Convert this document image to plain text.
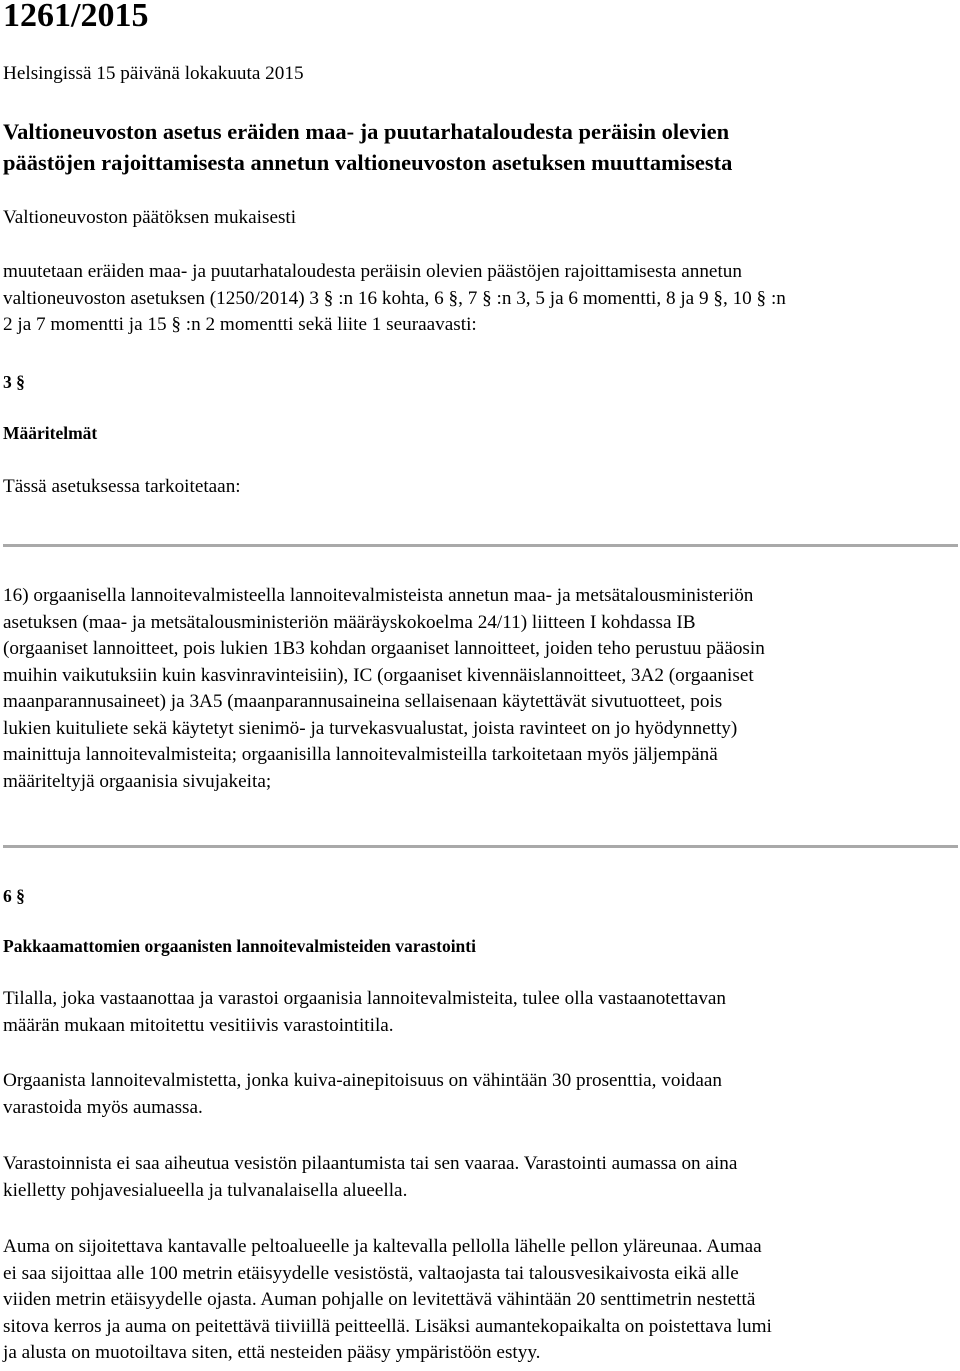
1261/2015
Helsingissä 15 päivänä lokakuuta 2015
Valtioneuvoston asetus eräiden maa- ja puutarhataloudesta peräisin olevien
päästöjen rajoittamisesta annetun valtioneuvoston asetuksen muuttamisesta
Valtioneuvoston päätöksen mukaisesti
muutetaan eräiden maa- ja puutarhataloudesta peräisin olevien päästöjen rajoittamisesta annetun
valtioneuvoston asetuksen (1250/2014) 3 § :n 16 kohta, 6 §, 7 § :n 3, 5 ja 6 momentti, 8 ja 9 §, 10 § :n
2 ja 7 momentti ja 15 § :n 2 momentti sekä liite 1 seuraavasti:
3 §
Määritelmät
Tässä asetuksessa tarkoitetaan:
16) orgaanisella lannoitevalmisteella lannoitevalmisteista annetun maa- ja metsätalousministeriön
asetuksen (maa- ja metsätalousministeriön määräyskokoelma 24/11) liitteen I kohdassa IB
(orgaaniset lannoitteet, pois lukien 1B3 kohdan orgaaniset lannoitteet, joiden teho perustuu pääosin
muihin vaikutuksiin kuin kasvinravinteisiin), IC (orgaaniset kivennäislannoitteet, 3A2 (orgaaniset
maanparannusaineet) ja 3A5 (maanparannusaineina sellaisenaan käytettävät sivutuotteet, pois
lukien kuituliete sekä käytetyt sienimö- ja turvekasvualustat, joista ravinteet on jo hyödynnetty)
mainittuja lannoitevalmisteita; orgaanisilla lannoitevalmisteilla tarkoitetaan myös jäljempänä
määriteltyjä orgaanisia sivujakeita;
6 §
Pakkaamattomien orgaanisten lannoitevalmisteiden varastointi
Tilalla, joka vastaanottaa ja varastoi orgaanisia lannoitevalmisteita, tulee olla vastaanotettavan
määrän mukaan mitoitettu vesitiivis varastointitila.
Orgaanista lannoitevalmistetta, jonka kuiva-ainepitoisuus on vähintään 30 prosenttia, voidaan
varastoida myös aumassa.
Varastoinnista ei saa aiheutua vesistön pilaantumista tai sen vaaraa. Varastointi aumassa on aina
kielletty pohjavesialueella ja tulvanalaisella alueella.
Auma on sijoitettava kantavalle peltoalueelle ja kaltevalla pellolla lähelle pellon yläreunaa. Aumaa
ei saa sijoittaa alle 100 metrin etäisyydelle vesistöstä, valtaojasta tai talousvesikaivosta eikä alle
viiden metrin etäisyydelle ojasta. Auman pohjalle on levitettävä vähintään 20 senttimetrin nestettä
sitova kerros ja auma on peitettävä tiiviillä peitteellä. Lisäksi aumantekopaikalta on poistettava lumi
ja alusta on muotoiltava siten, että nesteiden pääsy ympäristöön estyy.
